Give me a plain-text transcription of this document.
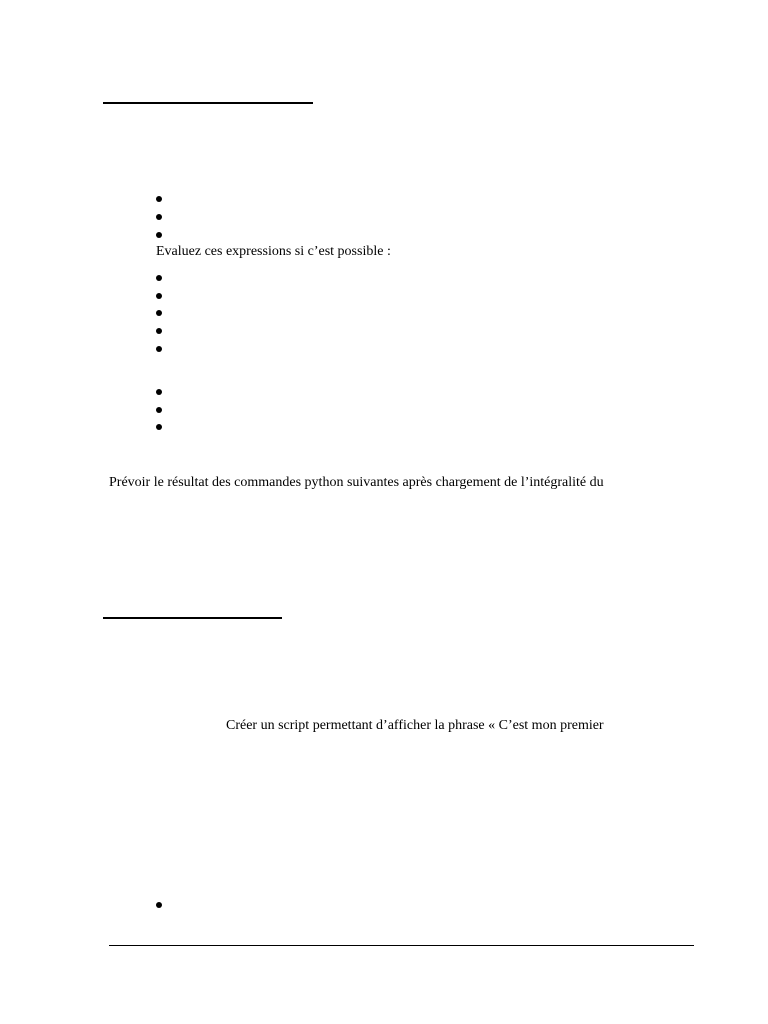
Evaluez ces expressions si c’est possible :
Prévoir le résultat des commandes python suivantes après chargement de l’intégralité du
Créer un script permettant d’afficher la phrase « C’est mon premier
